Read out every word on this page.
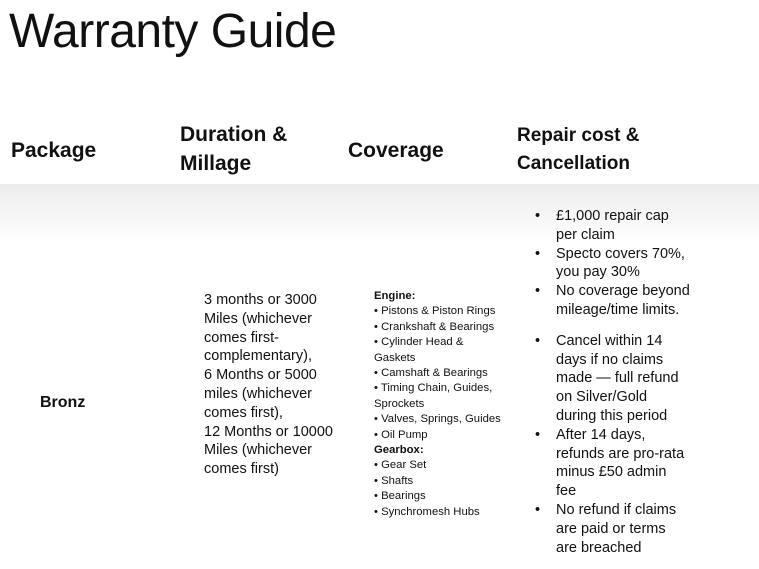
Warranty Guide
Package
Duration &
Millage
Coverage
Repair cost &
Cancellation
Bronz
3 months or 3000
Miles (whichever
comes first-
complementary),
6 Months or 5000
miles (whichever
comes first),
12 Months or 10000
Miles (whichever
comes first)
Engine:
• Pistons & Piston Rings
• Crankshaft & Bearings
• Cylinder Head &
Gaskets
• Camshaft & Bearings
• Timing Chain, Guides,
Sprockets
• Valves, Springs, Guides
• Oil Pump
Gearbox:
• Gear Set
• Shafts
• Bearings
• Synchromesh Hubs
• £1,000 repair cap
per claim
• Specto covers 70%,
you pay 30%
• No coverage beyond
mileage/time limits.
• Cancel within 14
days if no claims
made — full refund
on Silver/Gold
during this period
• After 14 days,
refunds are pro-rata
minus £50 admin
fee
• No refund if claims
are paid or terms
are breached
